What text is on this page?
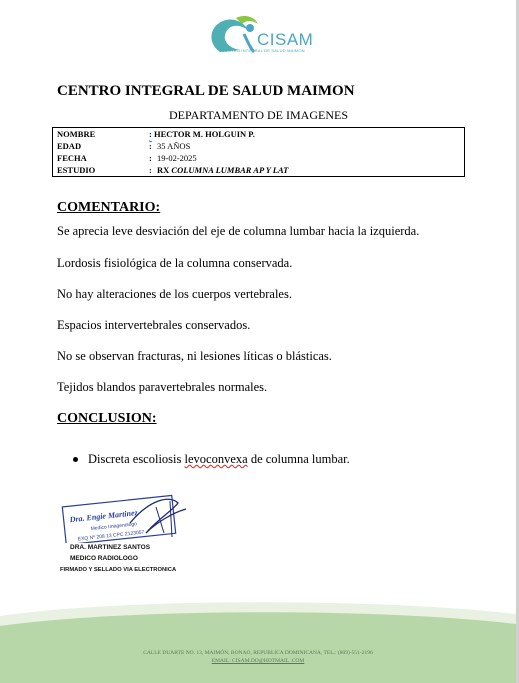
CISAM
CENTRO INTEGRAL DE SALUD MAIMON
CENTRO INTEGRAL DE SALUD MAIMON
DEPARTAMENTO DE IMAGENES
NOMBRE	: HECTOR M. HOLGUIN P.
EDAD	: 35 AÑOS
FECHA	: 19-02-2025
ESTUDIO	: RX COLUMNA LUMBAR AP Y LAT
COMENTARIO:
Se aprecia leve desviación del eje de columna lumbar hacia la izquierda.
Lordosis fisiológica de la columna conservada.
No hay alteraciones de los cuerpos vertebrales.
Espacios intervertebrales conservados.
No se observan fracturas, ni lesiones líticas o blásticas.
Tejidos blandos paravertebrales normales.
CONCLUSION:
Discreta escoliosis levoconvexa de columna lumbar.
Dra. Engie Martinez
Medico Imagenologo
EXQ Nº 208 13 CPC 2123057
DRA. MARTINEZ SANTOS
MEDICO RADIOLOGO
FIRMADO Y SELLADO VIA ELECTRONICA
CALLE DUARTE NO. 13, MAIMÓN, BONAO, REPUBLICA DOMINICANA, TEL.: (809)-551-2196
EMAIL: CISAM.DO@HOTMAIL .COM
